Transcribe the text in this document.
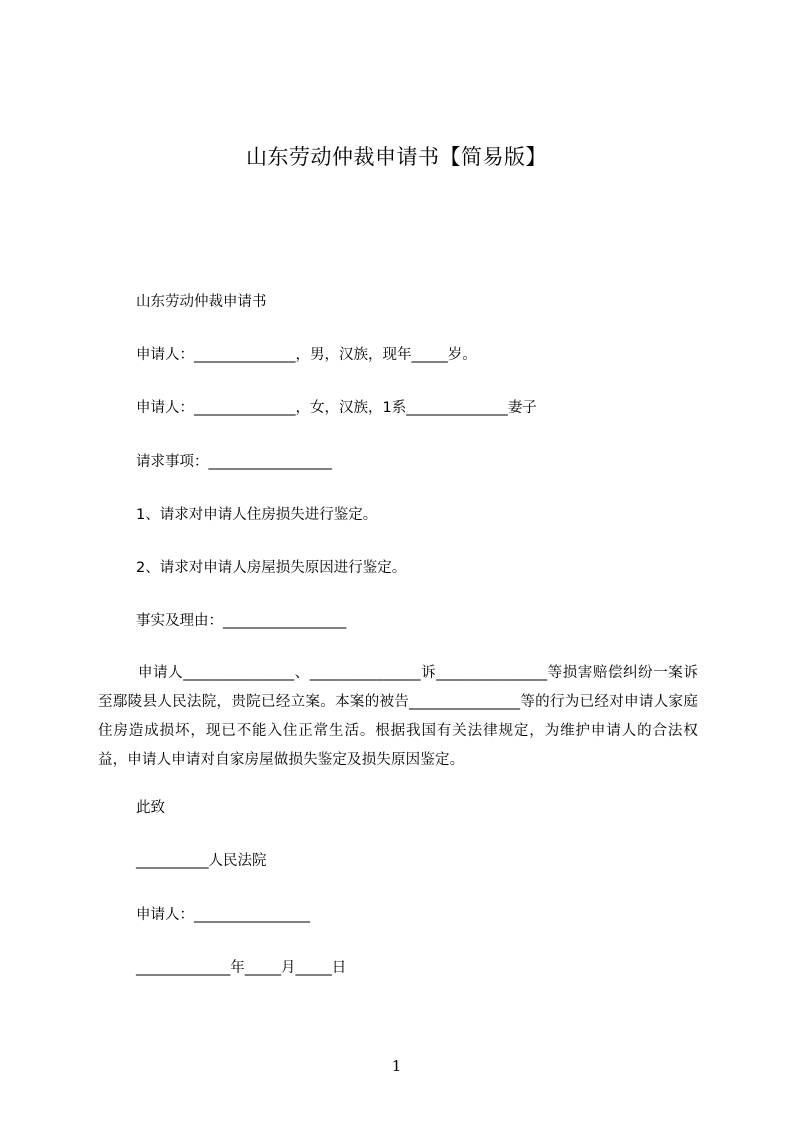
山东劳动仲裁申请书【简易版】
山东劳动仲裁申请书
申请人：______________，男，汉族，现年_____岁。
申请人：______________，女，汉族，1系______________妻子
请求事项：_________________
1、请求对申请人住房损失进行鉴定。
2、请求对申请人房屋损失原因进行鉴定。
事实及理由：_________________
申请人_______________、_______________诉_______________等损害赔偿纠纷一案诉至鄢陵县人民法院，贵院已经立案。本案的被告_______________等的行为已经对申请人家庭住房造成损坏，现已不能入住正常生活。根据我国有关法律规定，为维护申请人的合法权益，申请人申请对自家房屋做损失鉴定及损失原因鉴定。
此致
__________人民法院
申请人：________________
_____________年_____月_____日
1
